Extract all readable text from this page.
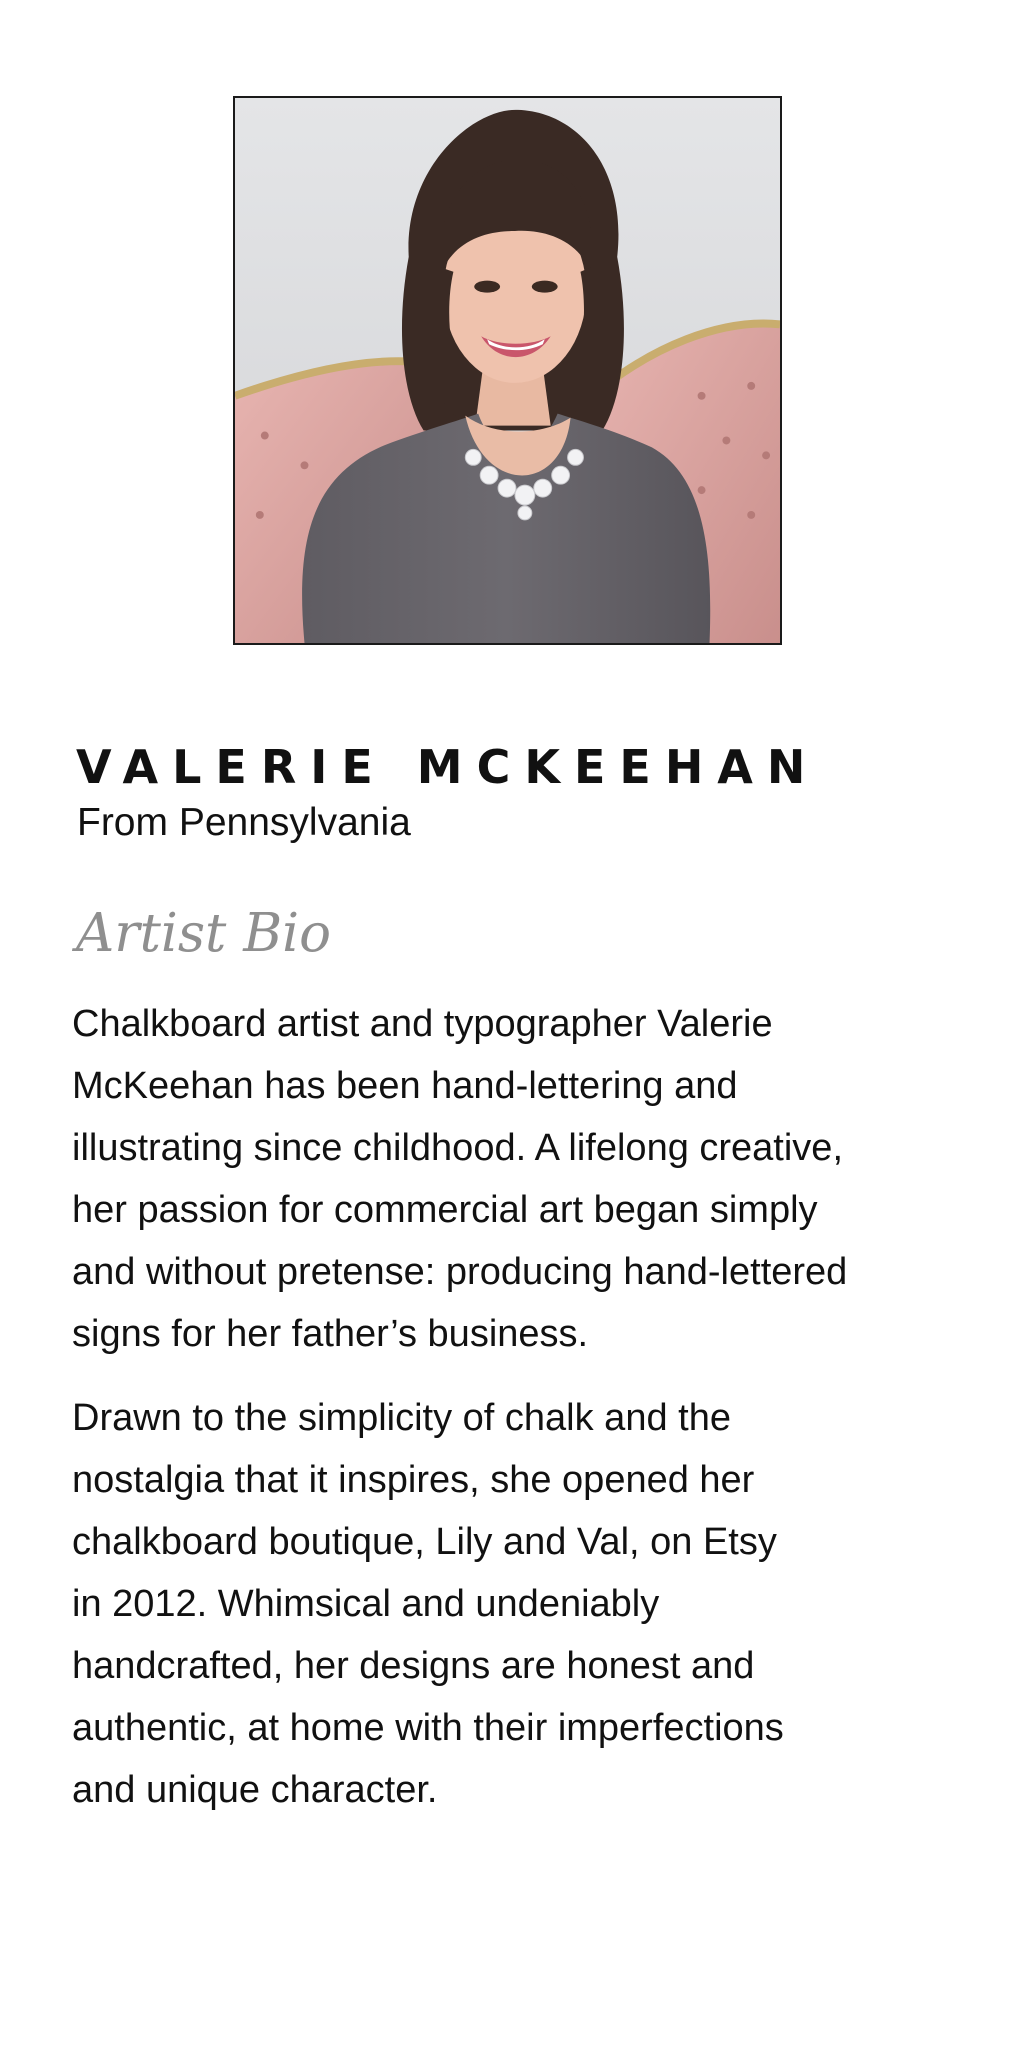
VALERIE MCKEEHAN

From Pennsylvania

Artist Bio

Chalkboard artist and typographer Valerie
McKeehan has been hand-lettering and
illustrating since childhood. A lifelong creative,
her passion for commercial art began simply
and without pretense: producing hand-lettered
signs for her father’s business.

Drawn to the simplicity of chalk and the
nostalgia that it inspires, she opened her
chalkboard boutique, Lily and Val, on Etsy
in 2012. Whimsical and undeniably
handcrafted, her designs are honest and
authentic, at home with their imperfections
and unique character.
